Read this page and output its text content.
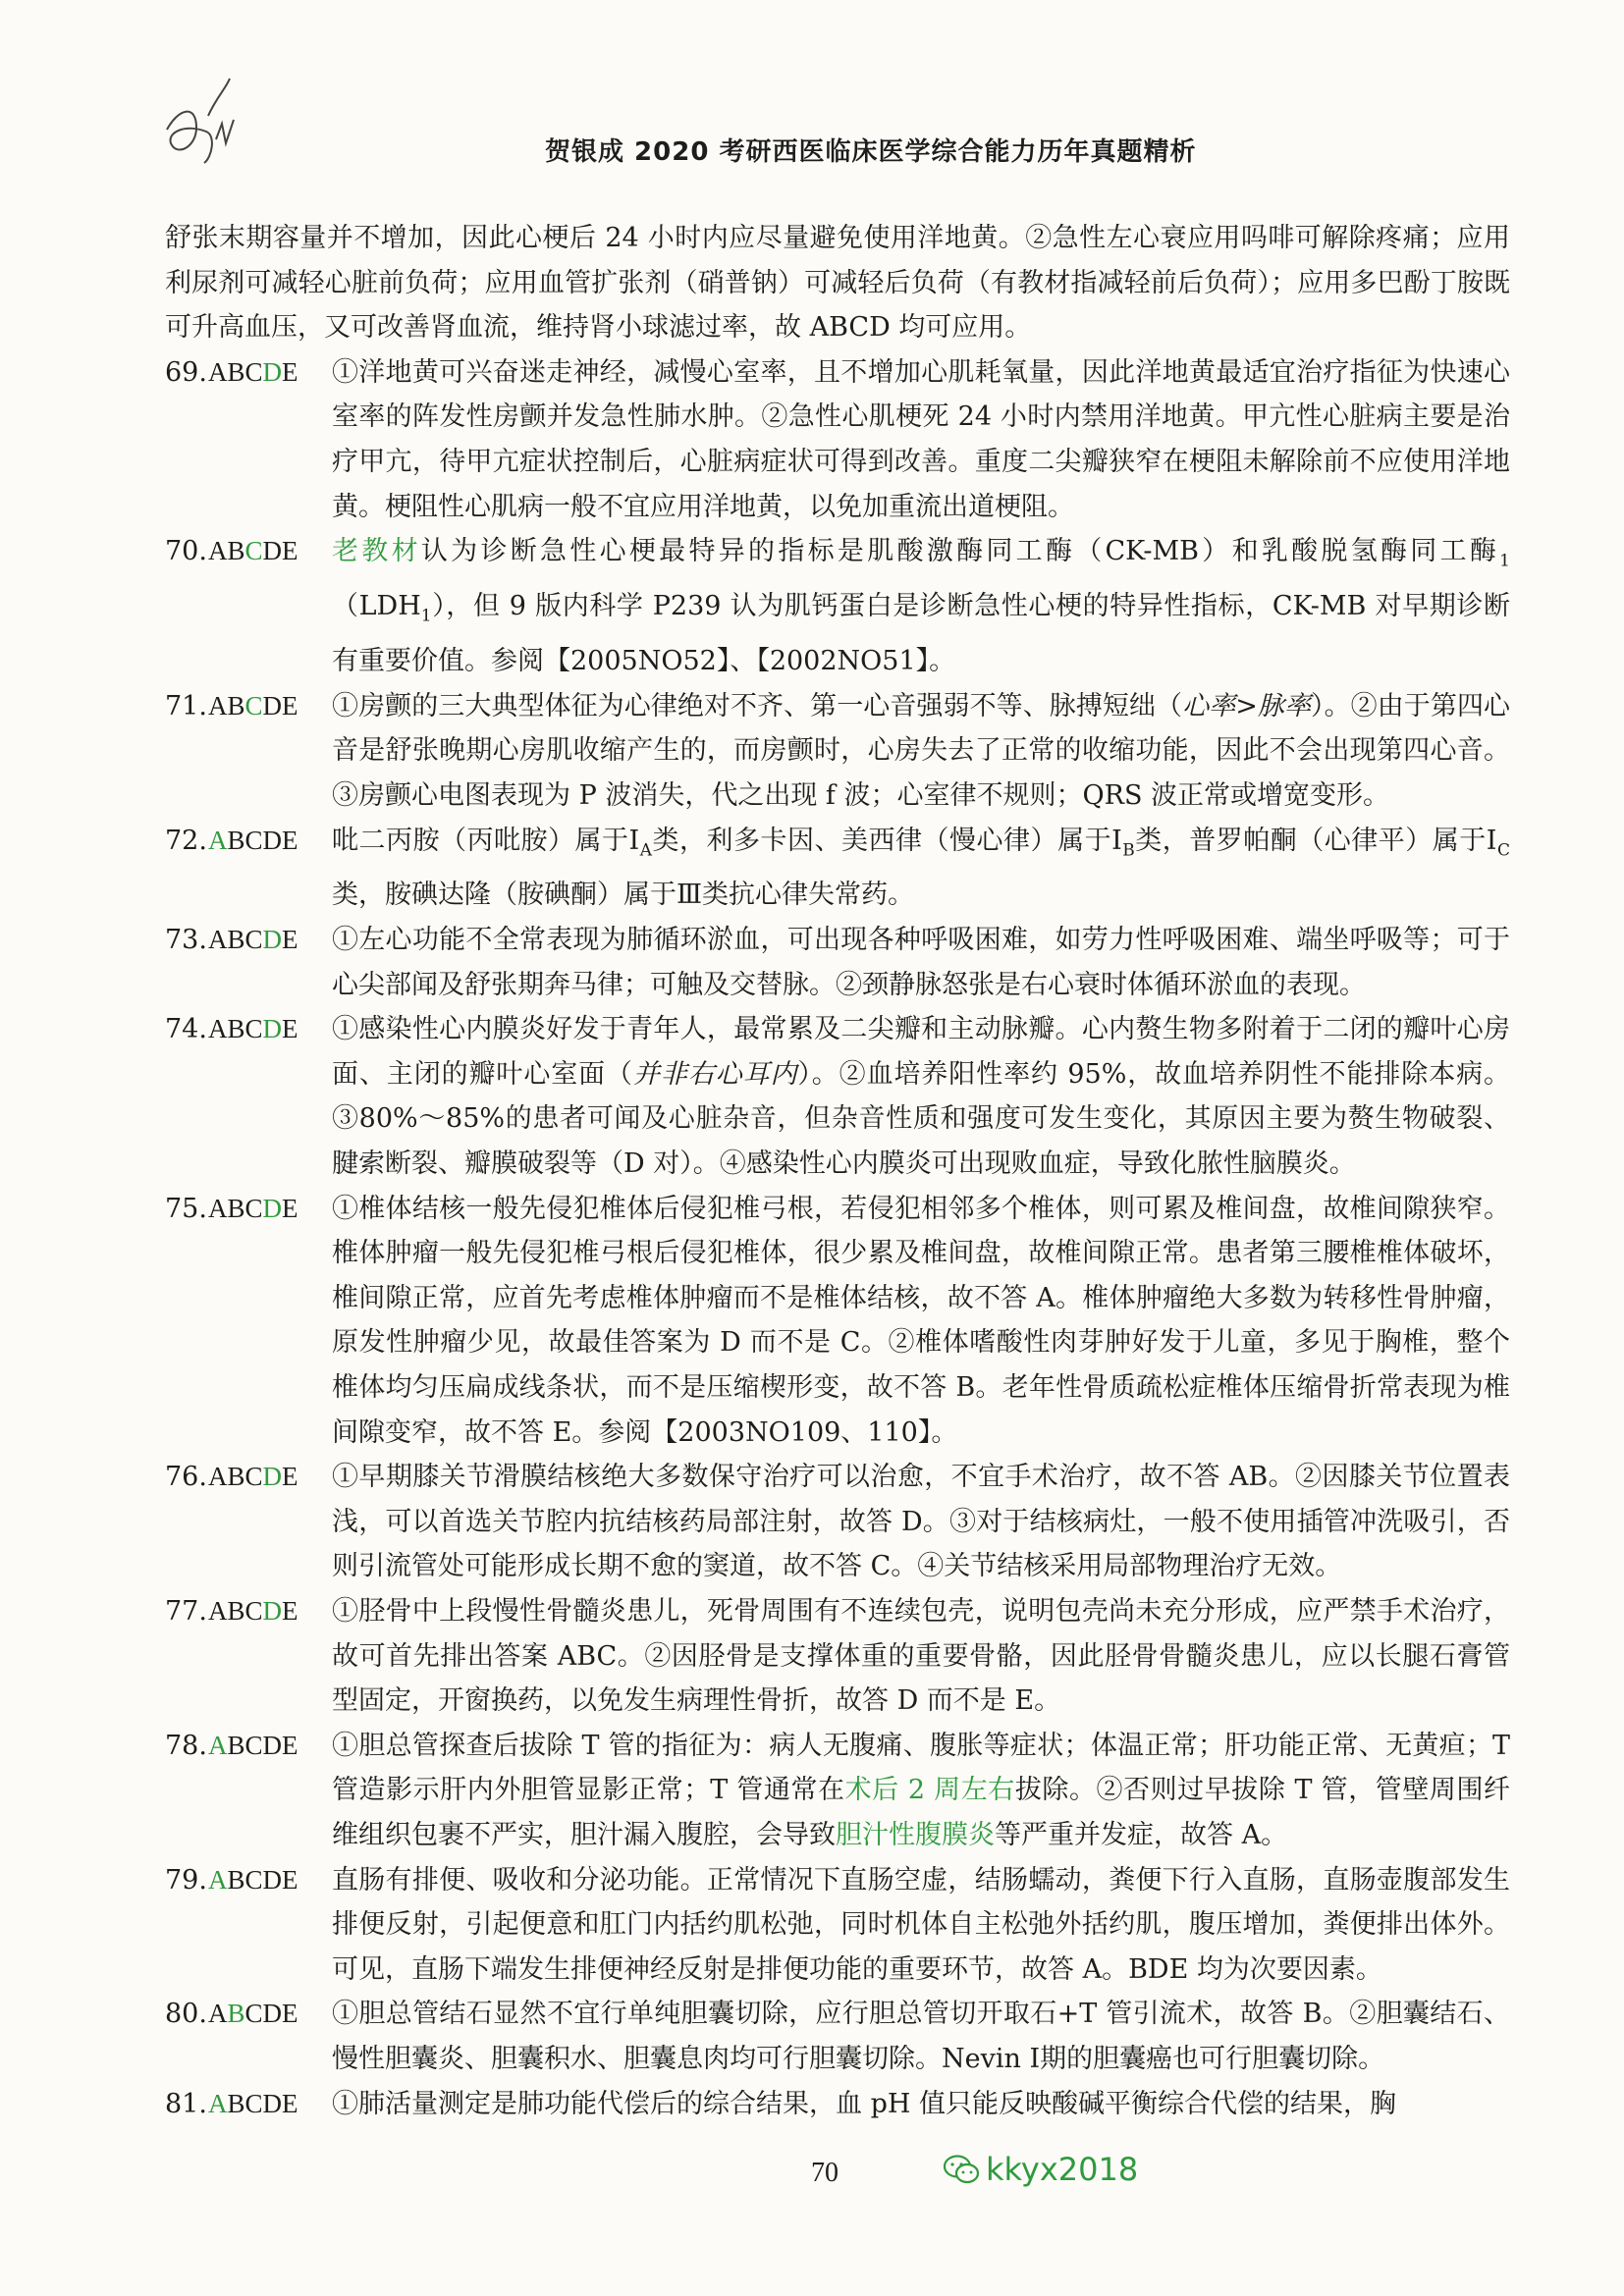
贺银成 2020 考研西医临床医学综合能力历年真题精析

舒张末期容量并不增加，因此心梗后 24 小时内应尽量避免使用洋地黄。②急性左心衰应用吗啡可解除疼痛；应用利尿剂可减轻心脏前负荷；应用血管扩张剂（硝普钠）可减轻后负荷（有教材指减轻前后负荷）；应用多巴酚丁胺既可升高血压，又可改善肾血流，维持肾小球滤过率，故 ABCD 均可应用。

69. ABCDE	①洋地黄可兴奋迷走神经，减慢心室率，且不增加心肌耗氧量，因此洋地黄最适宜治疗指征为快速心室率的阵发性房颤并发急性肺水肿。②急性心肌梗死 24 小时内禁用洋地黄。甲亢性心脏病主要是治疗甲亢，待甲亢症状控制后，心脏病症状可得到改善。重度二尖瓣狭窄在梗阻未解除前不应使用洋地黄。梗阻性心肌病一般不宜应用洋地黄，以免加重流出道梗阻。
70. ABCDE	老教材认为诊断急性心梗最特异的指标是肌酸激酶同工酶（CK-MB）和乳酸脱氢酶同工酶$_1(LDH_1)$，但 9 版内科学 P239 认为肌钙蛋白是诊断急性心梗的特异性指标，CK-MB 对早期诊断有重要价值。参阅【2005NO52】、【2002NO51】。
71. ABCDE	①房颤的三大典型体征为心律绝对不齐、第一心音强弱不等、脉搏短绌（心率>脉率）。②由于第四心音是舒张晚期心房肌收缩产生的，而房颤时，心房失去了正常的收缩功能，因此不会出现第四心音。③房颤心电图表现为 P 波消失，代之出现 f 波；心室律不规则；QRS 波正常或增宽变形。
72. ABCDE	吡二丙胺（丙吡胺）属于$Ⅰ_A$类，利多卡因、美西律（慢心律）属于$Ⅰ_B$类，普罗帕酮（心律平）属于$Ⅰ_C$类，胺碘达隆（胺碘酮）属于Ⅲ类抗心律失常药。
73. ABCDE	①左心功能不全常表现为肺循环淤血，可出现各种呼吸困难，如劳力性呼吸困难、端坐呼吸等；可于心尖部闻及舒张期奔马律；可触及交替脉。②颈静脉怒张是右心衰时体循环淤血的表现。
74. ABCDE	①感染性心内膜炎好发于青年人，最常累及二尖瓣和主动脉瓣。心内赘生物多附着于二闭的瓣叶心房面、主闭的瓣叶心室面（并非右心耳内）。②血培养阳性率约 95%，故血培养阴性不能排除本病。③80%～85%的患者可闻及心脏杂音，但杂音性质和强度可发生变化，其原因主要为赘生物破裂、腱索断裂、瓣膜破裂等（D 对）。④感染性心内膜炎可出现败血症，导致化脓性脑膜炎。
75. ABCDE	①椎体结核一般先侵犯椎体后侵犯椎弓根，若侵犯相邻多个椎体，则可累及椎间盘，故椎间隙狭窄。椎体肿瘤一般先侵犯椎弓根后侵犯椎体，很少累及椎间盘，故椎间隙正常。患者第三腰椎椎体破坏，椎间隙正常，应首先考虑椎体肿瘤而不是椎体结核，故不答 A。椎体肿瘤绝大多数为转移性骨肿瘤，原发性肿瘤少见，故最佳答案为 D 而不是 C。②椎体嗜酸性肉芽肿好发于儿童，多见于胸椎，整个椎体均匀压扁成线条状，而不是压缩楔形变，故不答 B。老年性骨质疏松症椎体压缩骨折常表现为椎间隙变窄，故不答 E。参阅【2003NO109、110】。
76. ABCDE	①早期膝关节滑膜结核绝大多数保守治疗可以治愈，不宜手术治疗，故不答 AB。②因膝关节位置表浅，可以首选关节腔内抗结核药局部注射，故答 D。③对于结核病灶，一般不使用插管冲洗吸引，否则引流管处可能形成长期不愈的窦道，故不答 C。④关节结核采用局部物理治疗无效。
77. ABCDE	①胫骨中上段慢性骨髓炎患儿，死骨周围有不连续包壳，说明包壳尚未充分形成，应严禁手术治疗，故可首先排出答案 ABC。②因胫骨是支撑体重的重要骨骼，因此胫骨骨髓炎患儿，应以长腿石膏管型固定，开窗换药，以免发生病理性骨折，故答 D 而不是 E。
78. ABCDE	①胆总管探查后拔除 T 管的指征为：病人无腹痛、腹胀等症状；体温正常；肝功能正常、无黄疸；T 管造影示肝内外胆管显影正常；T 管通常在术后 2 周左右拔除。②否则过早拔除 T 管，管壁周围纤维组织包裹不严实，胆汁漏入腹腔，会导致胆汁性腹膜炎等严重并发症，故答 A。
79. ABCDE	直肠有排便、吸收和分泌功能。正常情况下直肠空虚，结肠蠕动，粪便下行入直肠，直肠壶腹部发生排便反射，引起便意和肛门内括约肌松弛，同时机体自主松弛外括约肌，腹压增加，粪便排出体外。可见，直肠下端发生排便神经反射是排便功能的重要环节，故答 A。BDE 均为次要因素。
80. ABCDE	①胆总管结石显然不宜行单纯胆囊切除，应行胆总管切开取石+T 管引流术，故答 B。②胆囊结石、慢性胆囊炎、胆囊积水、胆囊息肉均可行胆囊切除。Nevin Ⅰ期的胆囊癌也可行胆囊切除。
81. ABCDE	①肺活量测定是肺功能代偿后的综合结果，血 pH 值只能反映酸碱平衡综合代偿的结果，胸
70	kkyx2018
